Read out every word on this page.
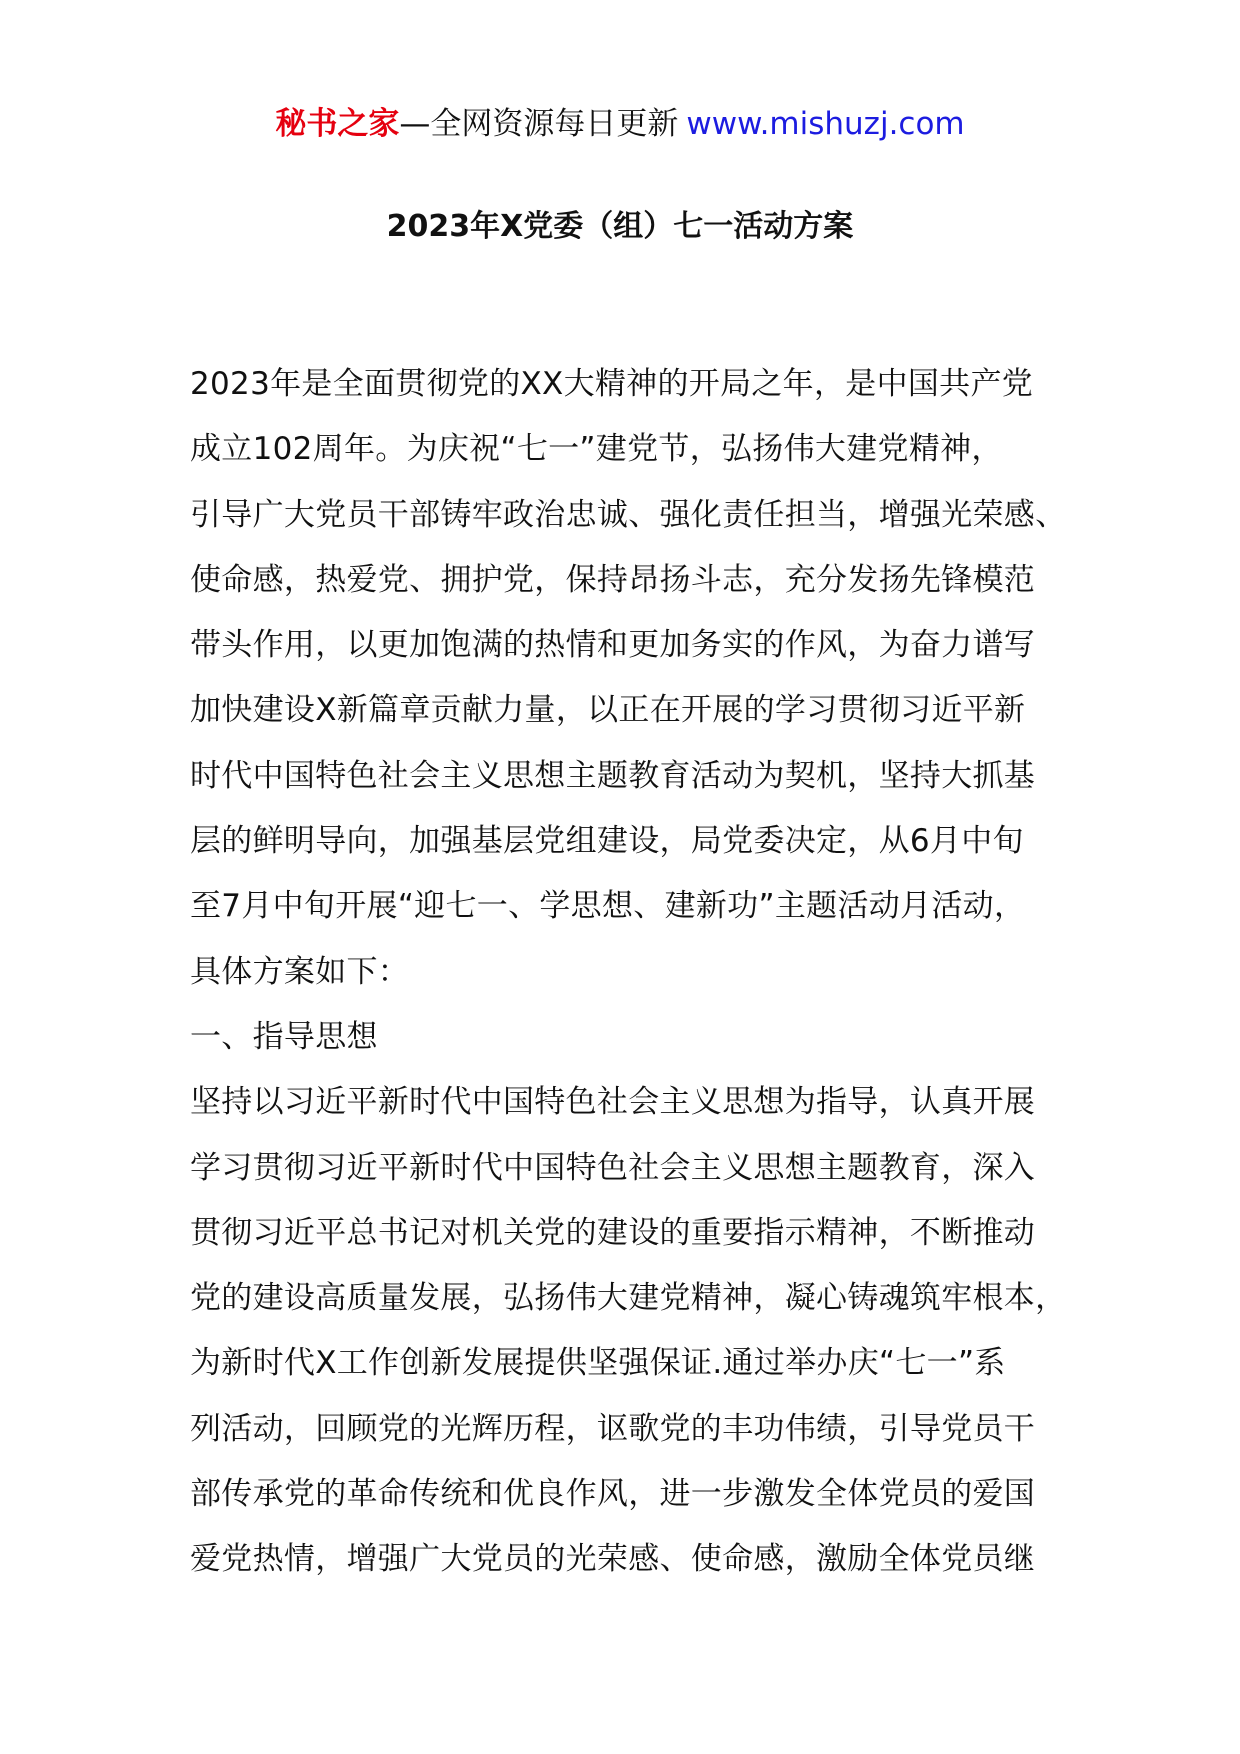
秘书之家—全网资源每日更新 www.mishuzj.com
2023年X党委（组）七一活动方案
2023年是全面贯彻党的XX大精神的开局之年，是中国共产党
成立102周年。为庆祝“七一”建党节，弘扬伟大建党精神，
引导广大党员干部铸牢政治忠诚、强化责任担当，增强光荣感、
使命感，热爱党、拥护党，保持昂扬斗志，充分发扬先锋模范
带头作用，以更加饱满的热情和更加务实的作风，为奋力谱写
加快建设X新篇章贡献力量，以正在开展的学习贯彻习近平新
时代中国特色社会主义思想主题教育活动为契机，坚持大抓基
层的鲜明导向，加强基层党组建设，局党委决定，从6月中旬
至7月中旬开展“迎七一、学思想、建新功”主题活动月活动，
具体方案如下：
一、指导思想
坚持以习近平新时代中国特色社会主义思想为指导，认真开展
学习贯彻习近平新时代中国特色社会主义思想主题教育，深入
贯彻习近平总书记对机关党的建设的重要指示精神，不断推动
党的建设高质量发展，弘扬伟大建党精神，凝心铸魂筑牢根本，
为新时代X工作创新发展提供坚强保证.通过举办庆“七一”系
列活动，回顾党的光辉历程，讴歌党的丰功伟绩，引导党员干
部传承党的革命传统和优良作风，进一步激发全体党员的爱国
爱党热情，增强广大党员的光荣感、使命感，激励全体党员继
